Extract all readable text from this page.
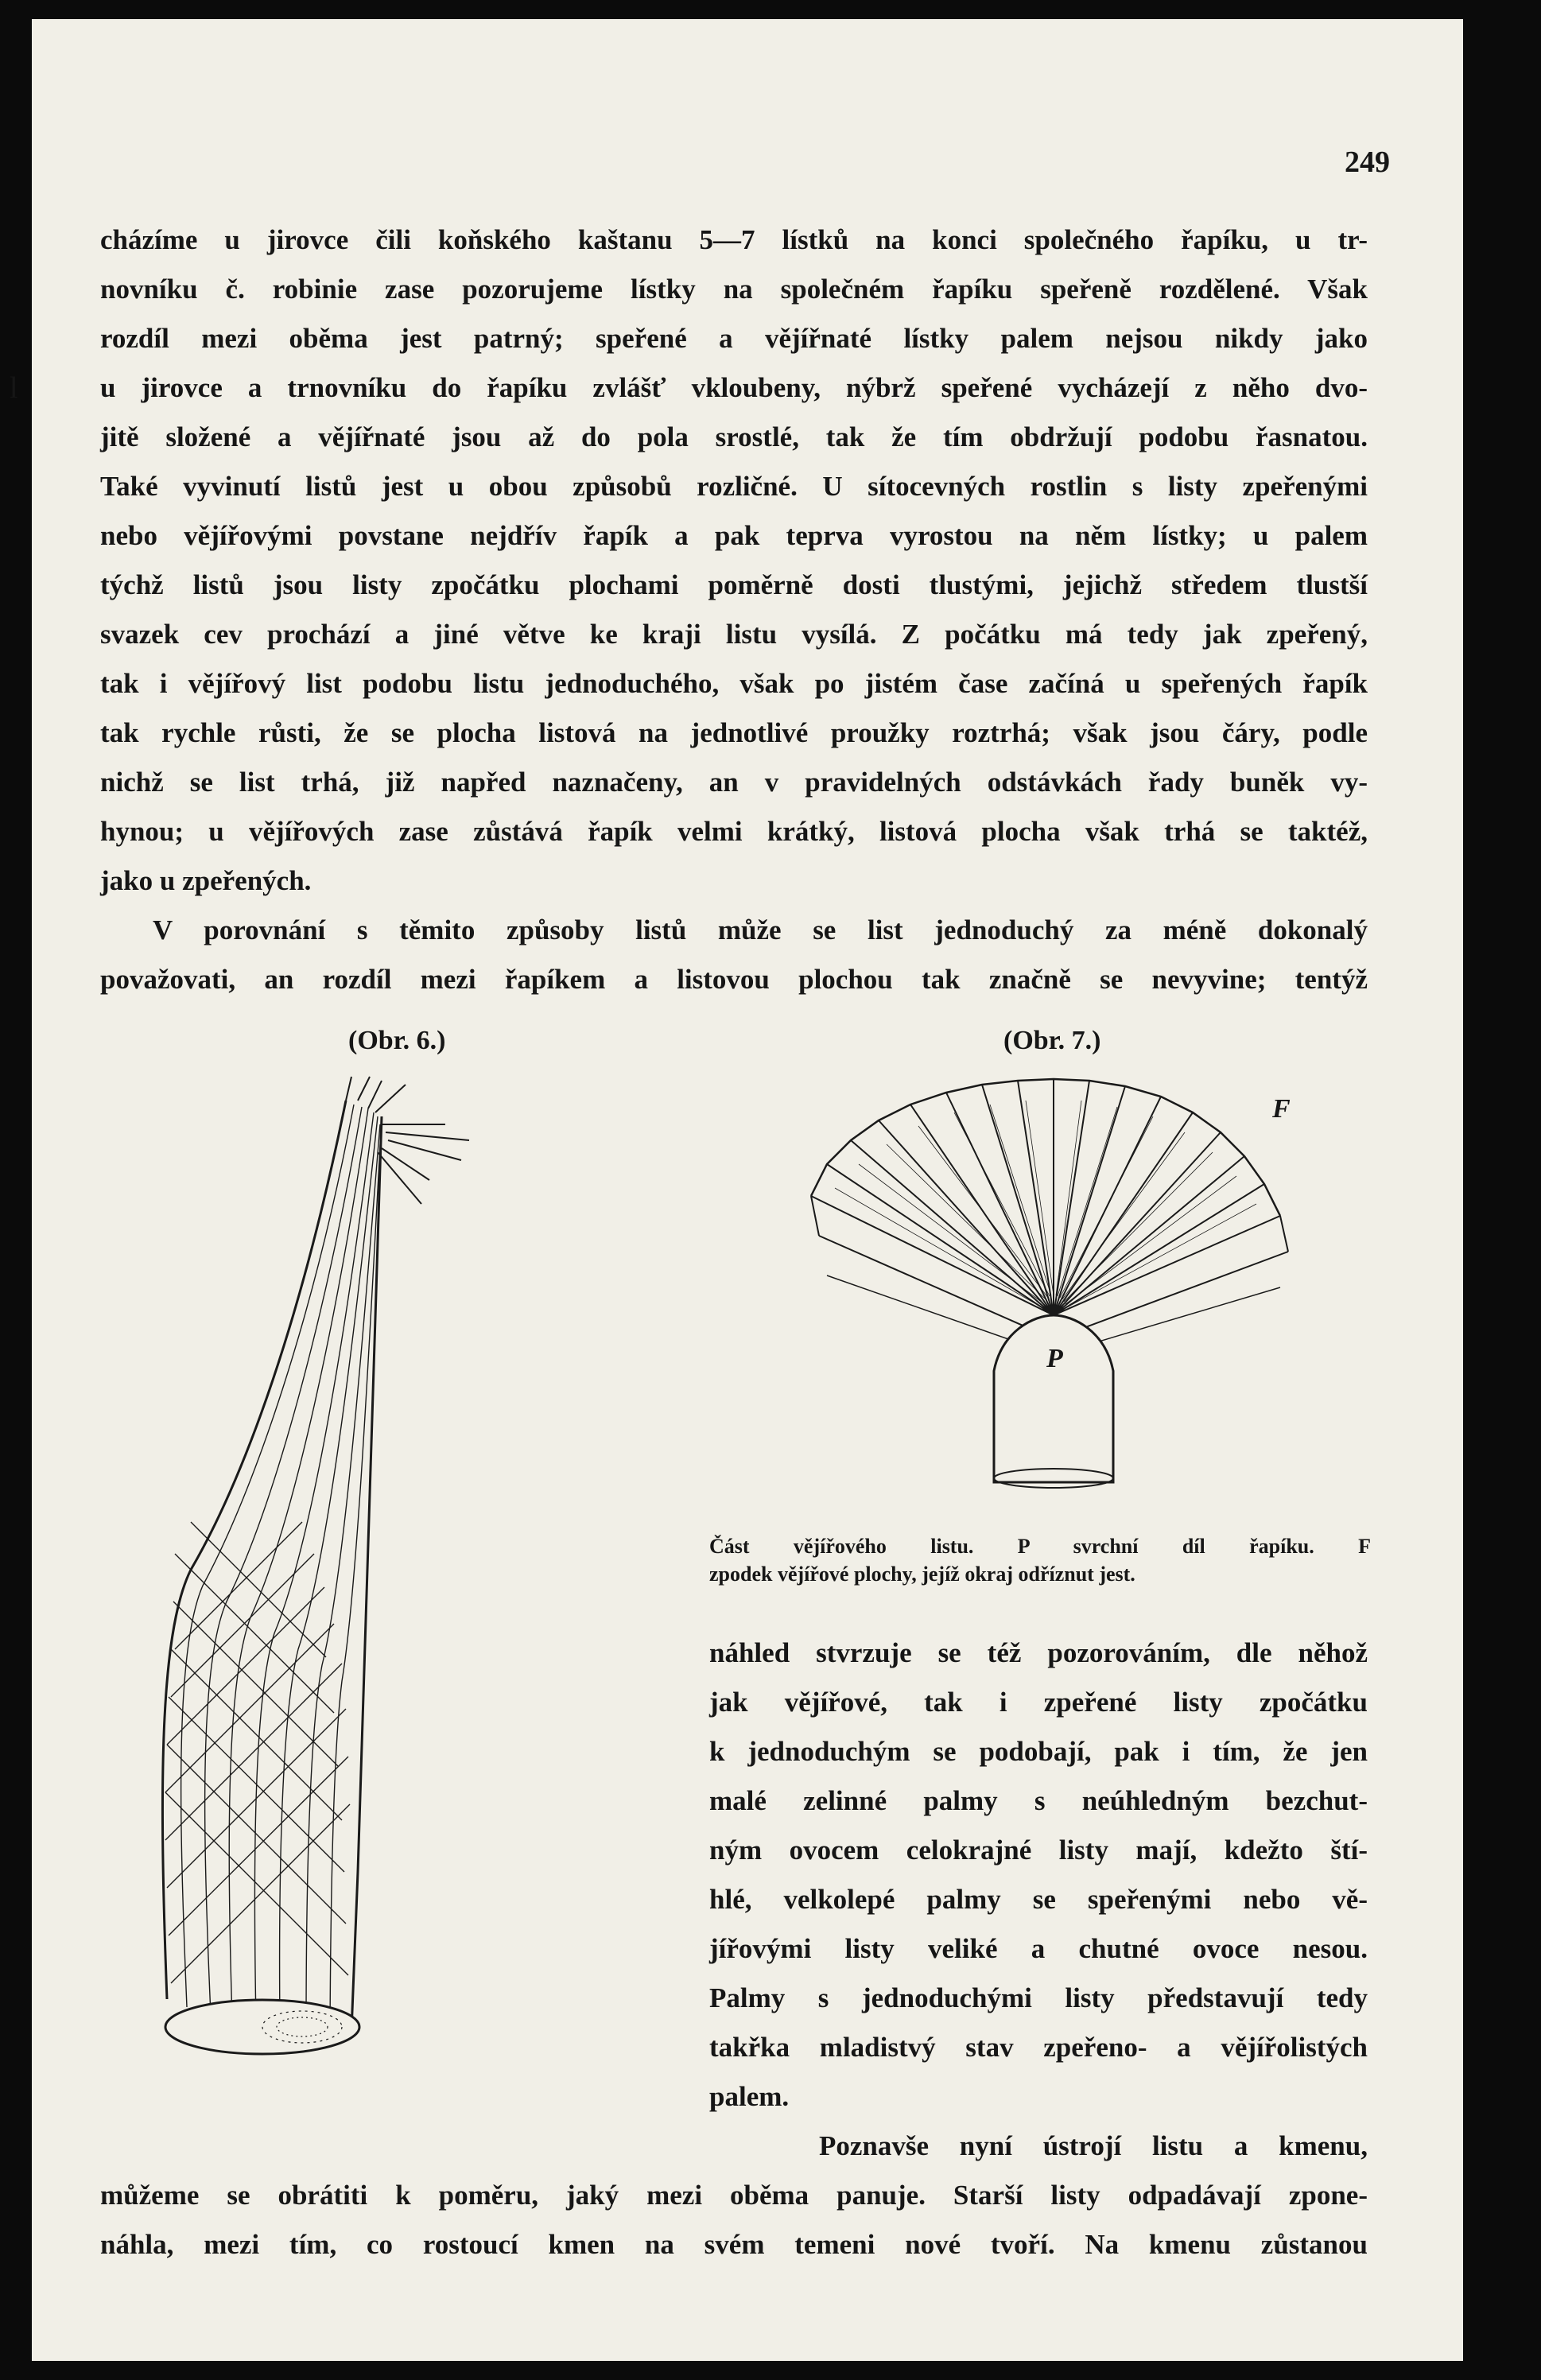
249
l
cházíme u jirovce čili koňského kaštanu 5—7 lístků na konci společného řapíku, u tr-
novníku č. robinie zase pozorujeme lístky na společném řapíku speřeně rozdělené. Však
rozdíl mezi oběma jest patrný; speřené a vějířnaté lístky palem nejsou nikdy jako
u jirovce a trnovníku do řapíku zvlášť vkloubeny, nýbrž speřené vycházejí z něho dvo-
jitě složené a vějířnaté jsou až do pola srostlé, tak že tím obdržují podobu řasnatou.
Také vyvinutí listů jest u obou způsobů rozličné. U sítocevných rostlin s listy zpeřenými
nebo vějířovými povstane nejdřív řapík a pak teprva vyrostou na něm lístky; u palem
týchž listů jsou listy zpočátku plochami poměrně dosti tlustými, jejichž středem tlustší
svazek cev prochází a jiné větve ke kraji listu vysílá. Z počátku má tedy jak zpeřený,
tak i vějířový list podobu listu jednoduchého, však po jistém čase začíná u speřených řapík
tak rychle růsti, že se plocha listová na jednotlivé proužky roztrhá; však jsou čáry, podle
nichž se list trhá, již napřed naznačeny, an v pravidelných odstávkách řady buněk vy-
hynou; u vějířových zase zůstává řapík velmi krátký, listová plocha však trhá se taktéž,
jako u zpeřených.
V porovnání s těmito způsoby listů může se list jednoduchý za méně dokonalý
považovati, an rozdíl mezi řapíkem a listovou plochou tak značně se nevyvine; tentýž
(Obr. 6.)	(Obr. 7.)
F
P
Část vějířového listu. P svrchní díl řapíku. F
zpodek vějířové plochy, jejíž okraj odříznut jest.
náhled stvrzuje se též pozorováním, dle něhož
jak vějířové, tak i zpeřené listy zpočátku
k jednoduchým se podobají, pak i tím, že jen
malé zelinné palmy s neúhledným bezchut-
ným ovocem celokrajné listy mají, kdežto ští-
hlé, velkolepé palmy se speřenými nebo vě-
jířovými listy veliké a chutné ovoce nesou.
Palmy s jednoduchými listy představují tedy
takřka mladistvý stav zpeřeno- a vějířolistých
palem.
Poznavše nyní ústrojí listu a kmenu,
můžeme se obrátiti k poměru, jaký mezi oběma panuje. Starší listy odpadávají zpone-
náhla, mezi tím, co rostoucí kmen na svém temeni nové tvoří. Na kmenu zůstanou
